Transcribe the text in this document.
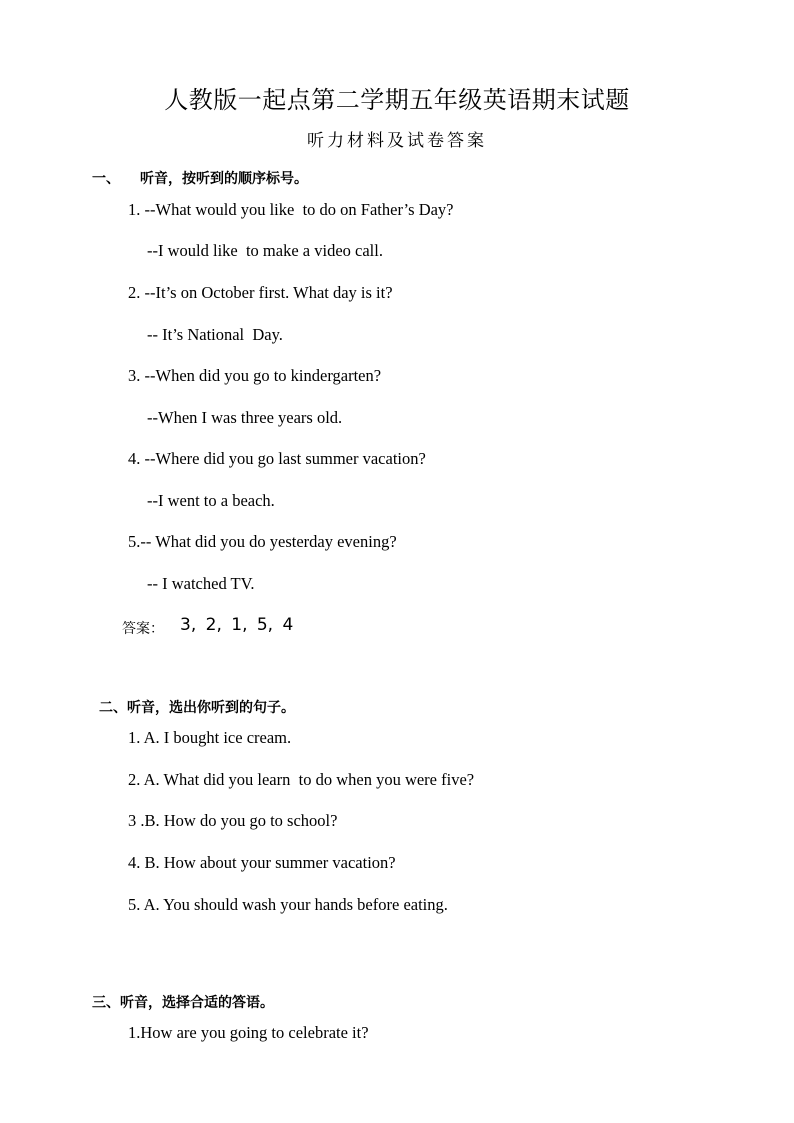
人教版一起点第二学期五年级英语期末试题
听力材料及试卷答案
一、 听音，按听到的顺序标号。
1. --What would you like  to do on Father’s Day?
--I would like  to make a video call.
2. --It’s on October first. What day is it?
-- It’s National  Day.
3. --When did you go to kindergarten?
--When I was three years old.
4. --Where did you go last summer vacation?
--I went to a beach.
5.-- What did you do yesterday evening?
-- I watched TV.
答案： 3, 2, 1, 5, 4
二、听音，选出你听到的句子。
1. A. I bought ice cream.
2. A. What did you learn  to do when you were five?
3 .B. How do you go to school?
4. B. How about your summer vacation?
5. A. You should wash your hands before eating.
三、听音，选择合适的答语。
1.How are you going to celebrate it?
